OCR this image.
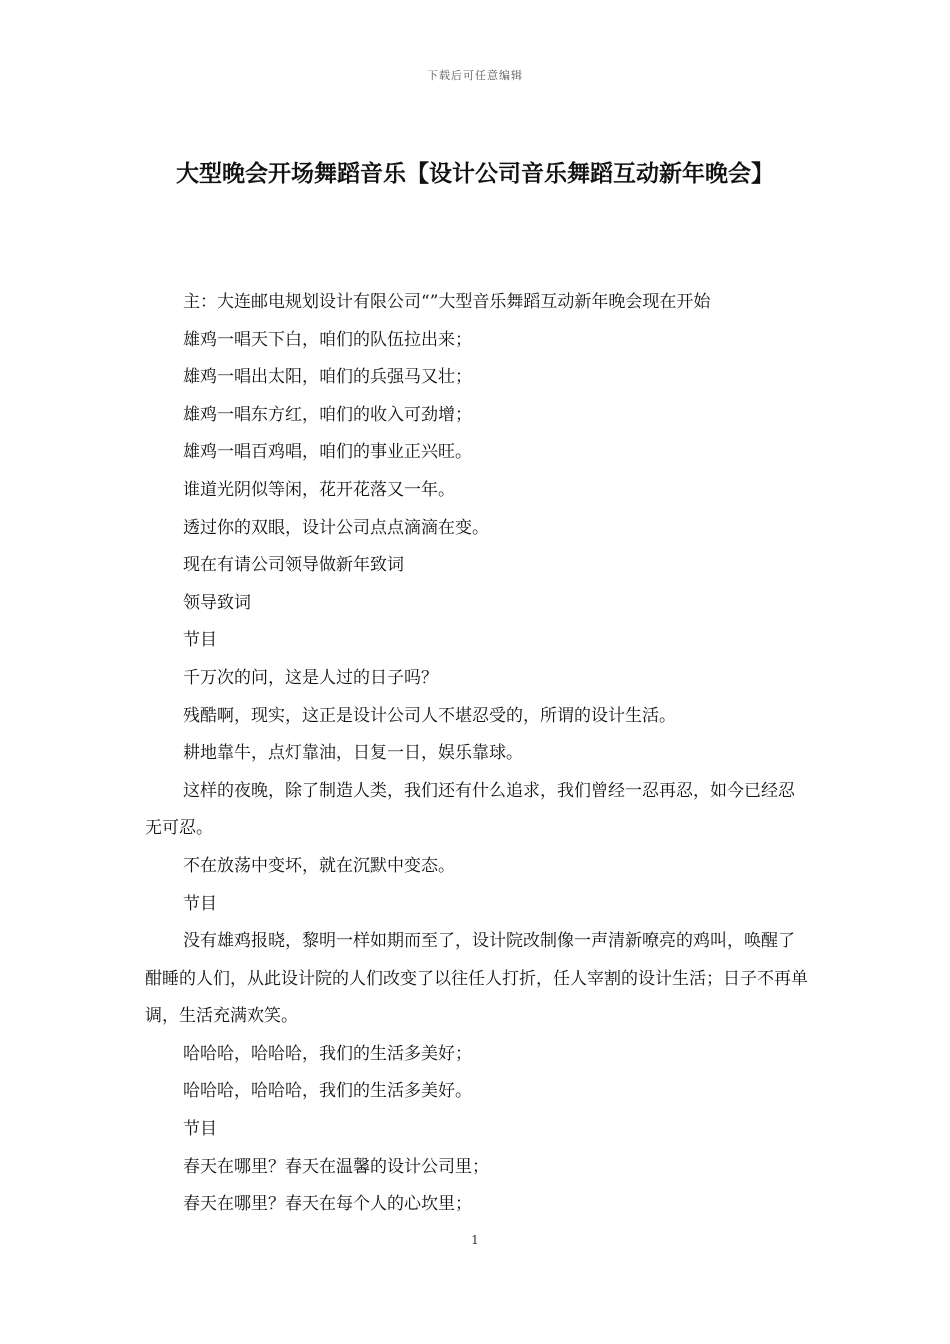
下载后可任意编辑
大型晚会开场舞蹈音乐【设计公司音乐舞蹈互动新年晚会】

主：大连邮电规划设计有限公司“”大型音乐舞蹈互动新年晚会现在开始

雄鸡一唱天下白，咱们的队伍拉出来；

雄鸡一唱出太阳，咱们的兵强马又壮；

雄鸡一唱东方红，咱们的收入可劲增；

雄鸡一唱百鸡唱，咱们的事业正兴旺。

谁道光阴似等闲，花开花落又一年。

透过你的双眼，设计公司点点滴滴在变。

现在有请公司领导做新年致词

领导致词

节目

千万次的问，这是人过的日子吗？

残酷啊，现实，这正是设计公司人不堪忍受的，所谓的设计生活。

耕地靠牛，点灯靠油，日复一日，娱乐靠球。

这样的夜晚，除了制造人类，我们还有什么追求，我们曾经一忍再忍，如今已经忍无可忍。

不在放荡中变坏，就在沉默中变态。

节目

没有雄鸡报晓，黎明一样如期而至了，设计院改制像一声清新嘹亮的鸡叫，唤醒了酣睡的人们，从此设计院的人们改变了以往任人打折，任人宰割的设计生活；日子不再单调，生活充满欢笑。

哈哈哈，哈哈哈，我们的生活多美好；

哈哈哈，哈哈哈，我们的生活多美好。

节目

春天在哪里？春天在温馨的设计公司里；

春天在哪里？春天在每个人的心坎里；

1
